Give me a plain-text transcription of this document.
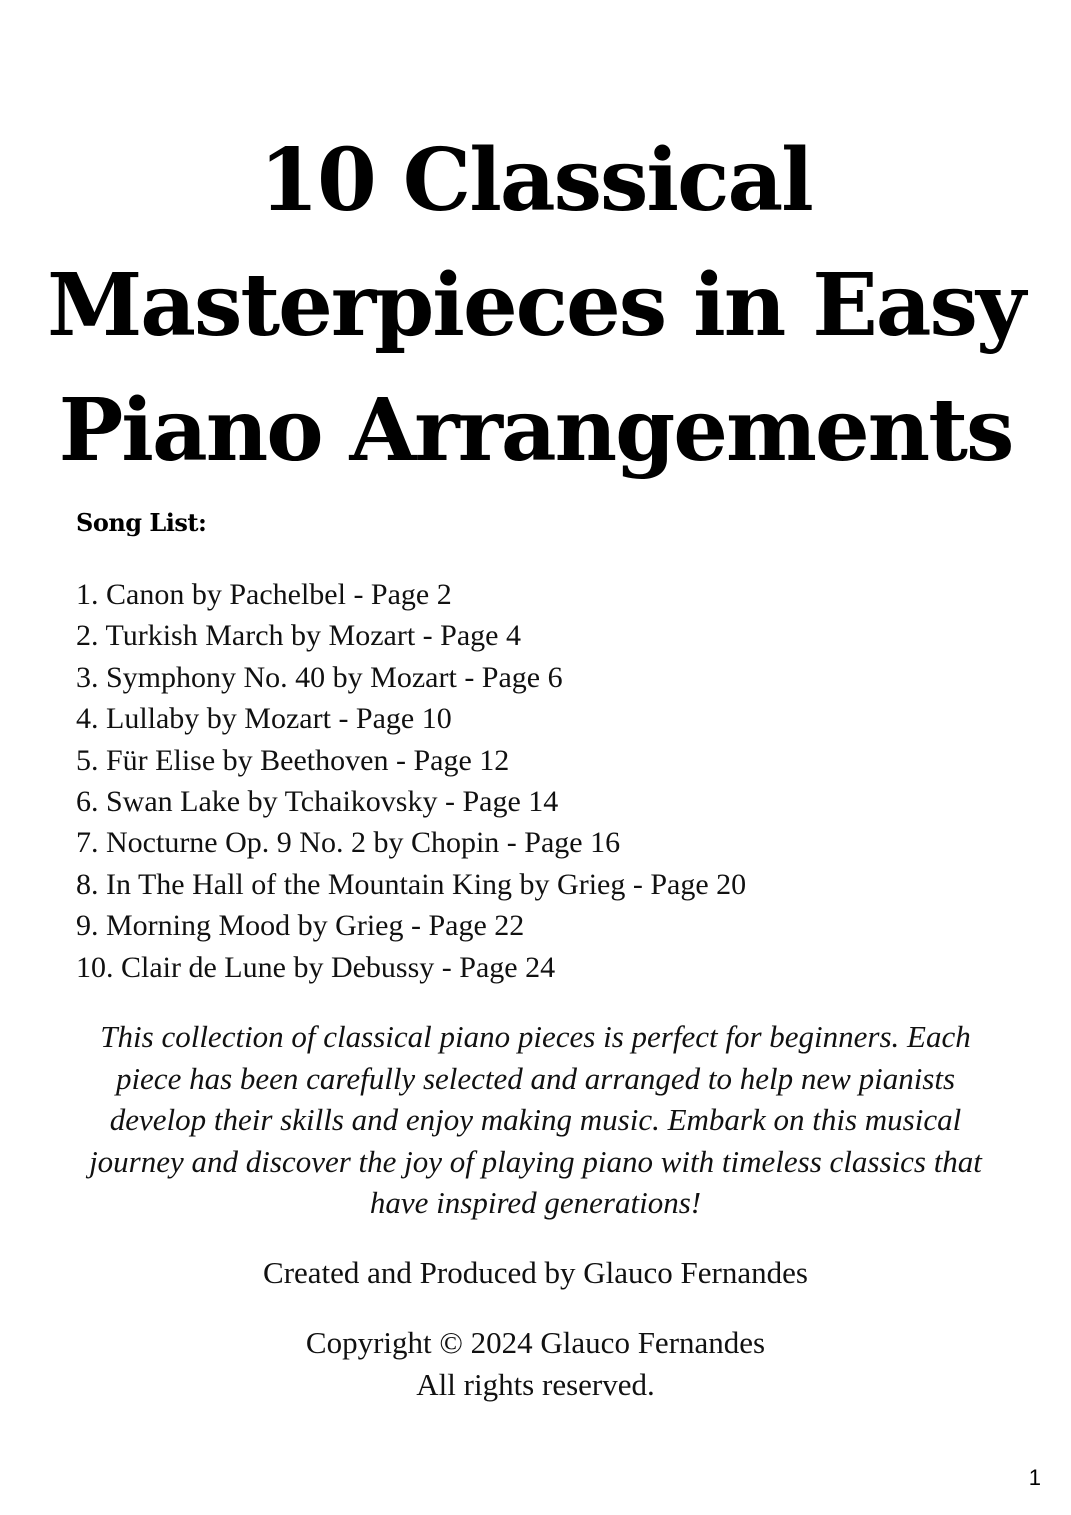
10 Classical
Masterpieces in Easy
Piano Arrangements
Song List:
1. Canon by Pachelbel - Page 2
2. Turkish March by Mozart - Page 4
3. Symphony No. 40 by Mozart - Page 6
4. Lullaby by Mozart - Page 10
5. Für Elise by Beethoven - Page 12
6. Swan Lake by Tchaikovsky - Page 14
7. Nocturne Op. 9 No. 2 by Chopin - Page 16
8. In The Hall of the Mountain King by Grieg - Page 20
9. Morning Mood by Grieg - Page 22
10. Clair de Lune by Debussy - Page 24

This collection of classical piano pieces is perfect for beginners. Each piece has been carefully selected and arranged to help new pianists develop their skills and enjoy making music. Embark on this musical journey and discover the joy of playing piano with timeless classics that have inspired generations!

Created and Produced by Glauco Fernandes

Copyright © 2024 Glauco Fernandes
All rights reserved.

1
